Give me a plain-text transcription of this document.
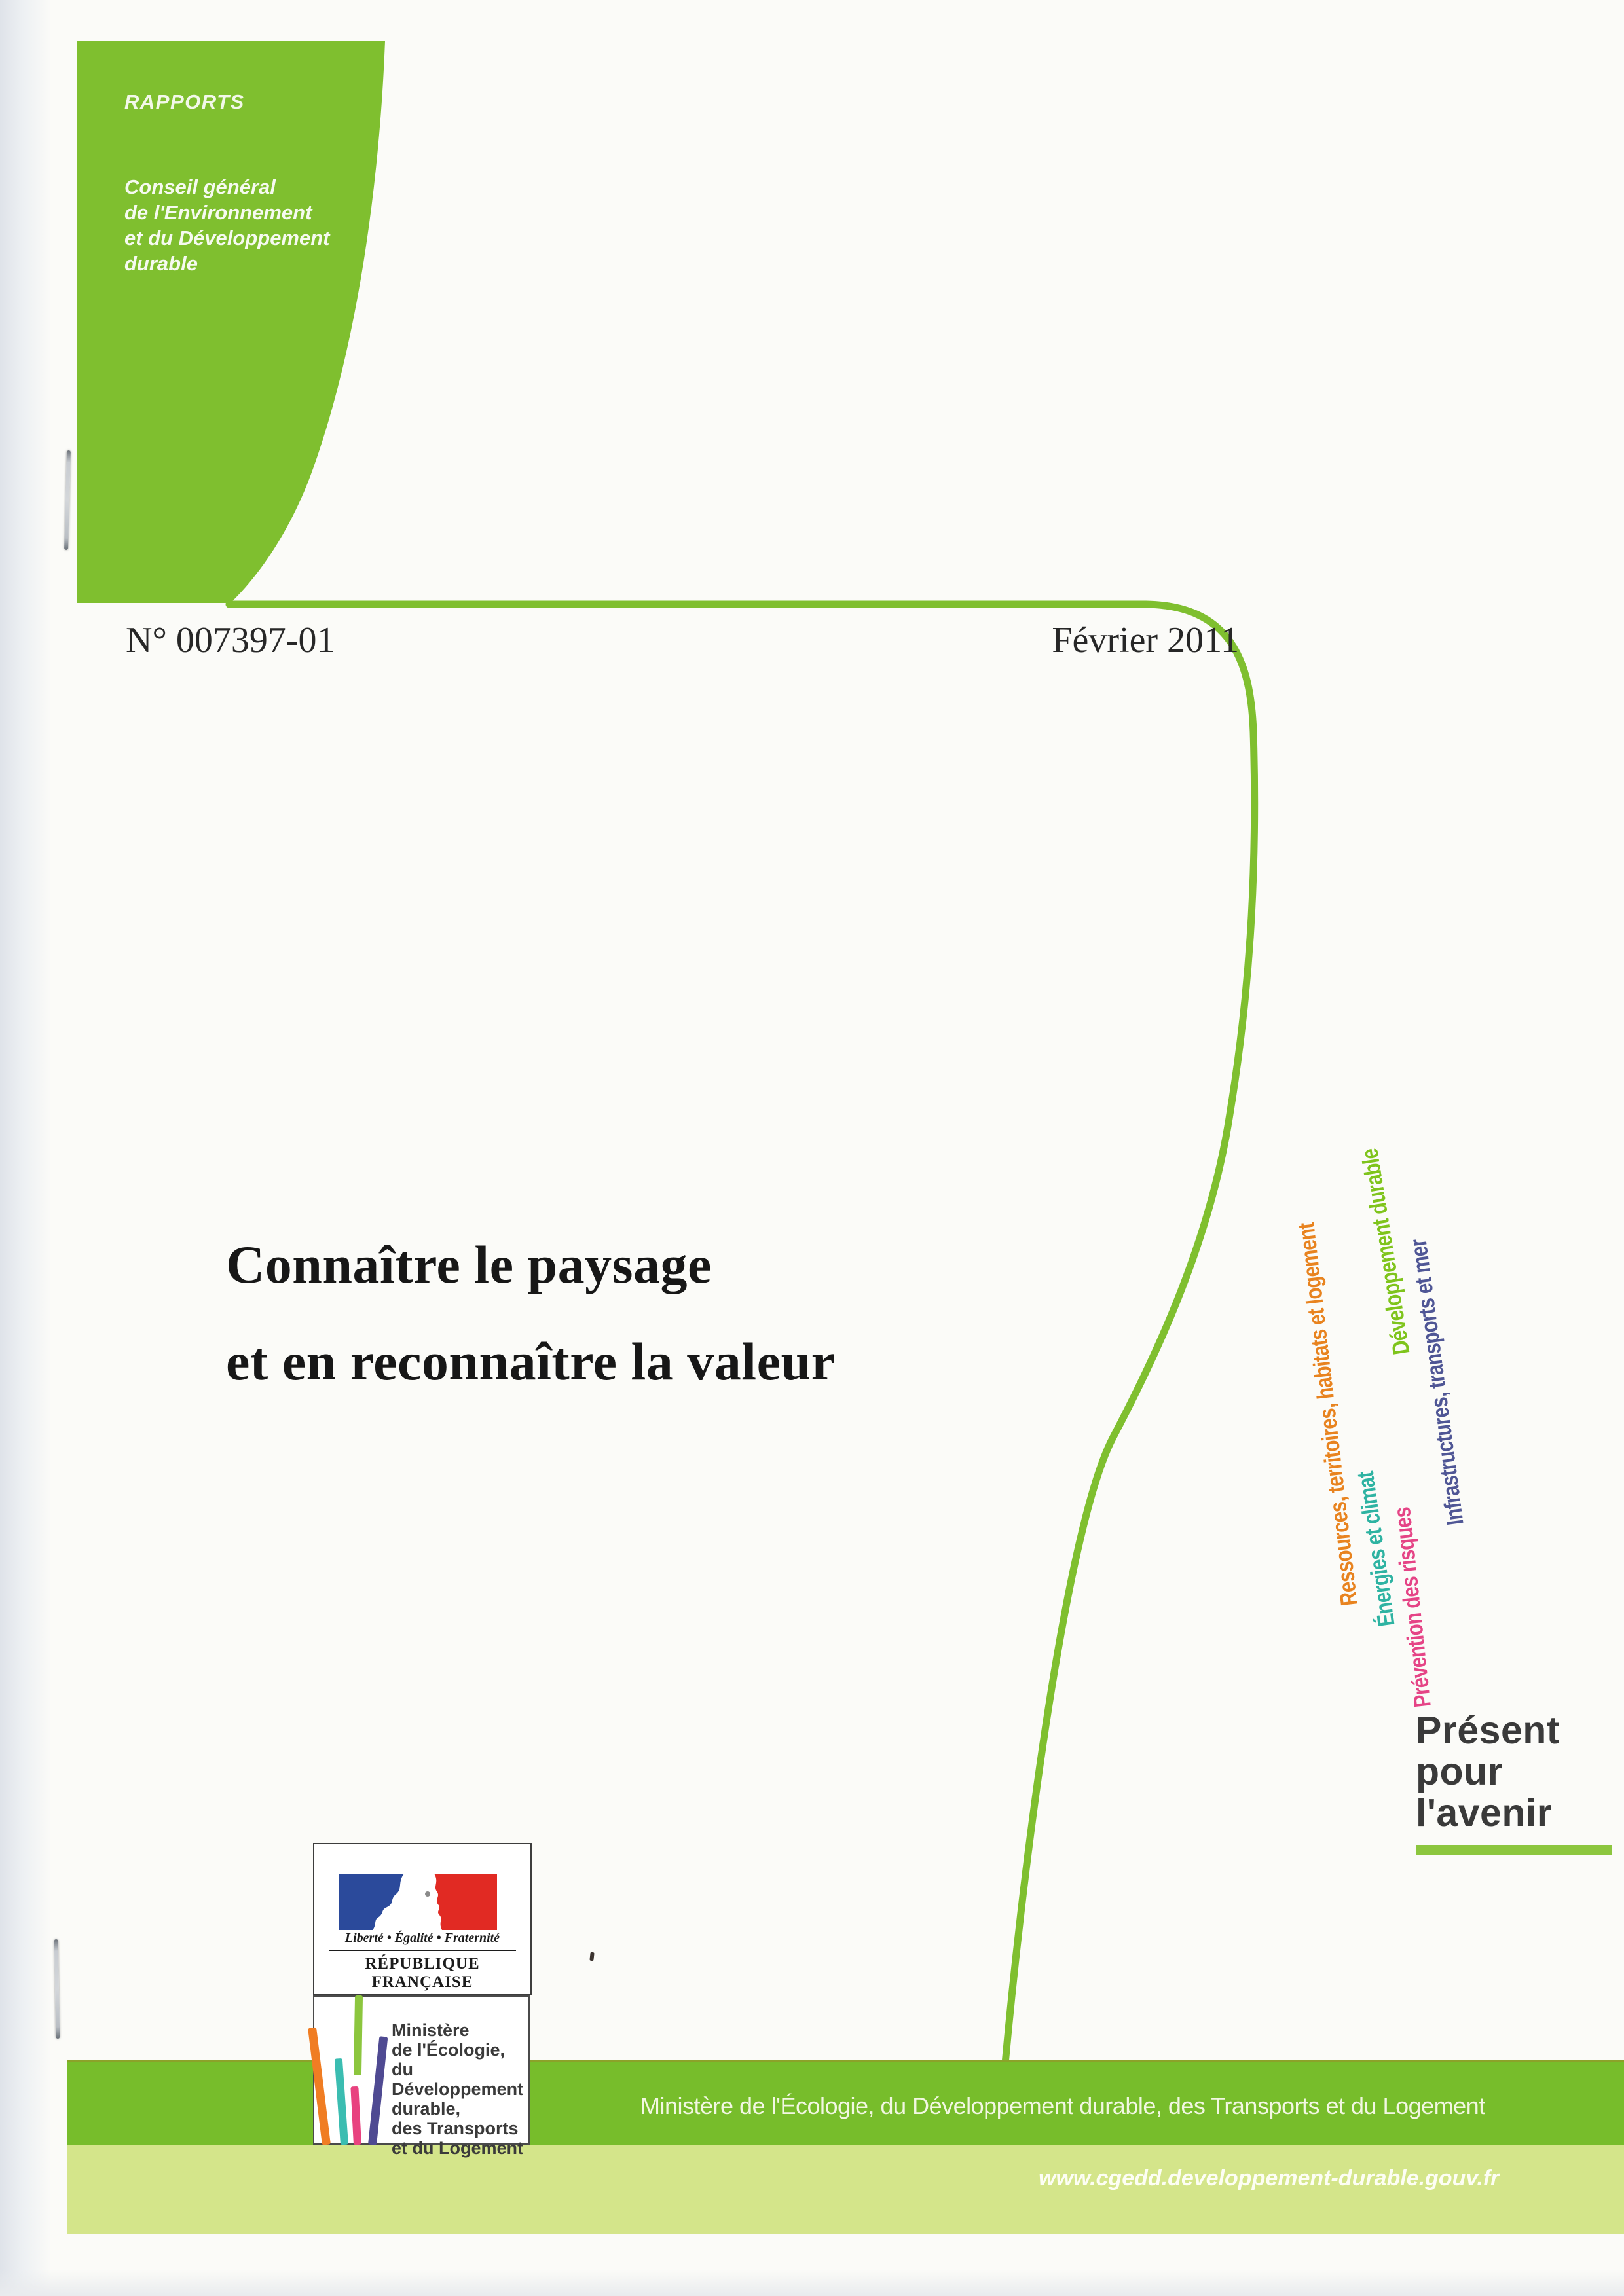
RAPPORTS
Conseil général
de l'Environnement
et du Développement
durable
N° 007397-01	Février 2011
Connaître le paysage
et en reconnaître la valeur	Ressources, territoires, habitats et logement
Énergies et climat
Développement durable
Infrastructures, transports et mer
Prévention des risques
Présent
pour
l'avenir
Liberté • Égalité • Fraternité
RÉPUBLIQUE FRANÇAISE
Ministère
de l'Écologie,
du Développement
durable,
des Transports
et du Logement
Ministère de l'Écologie, du Développement durable, des Transports et du Logement
www.cgedd.developpement-durable.gouv.fr
